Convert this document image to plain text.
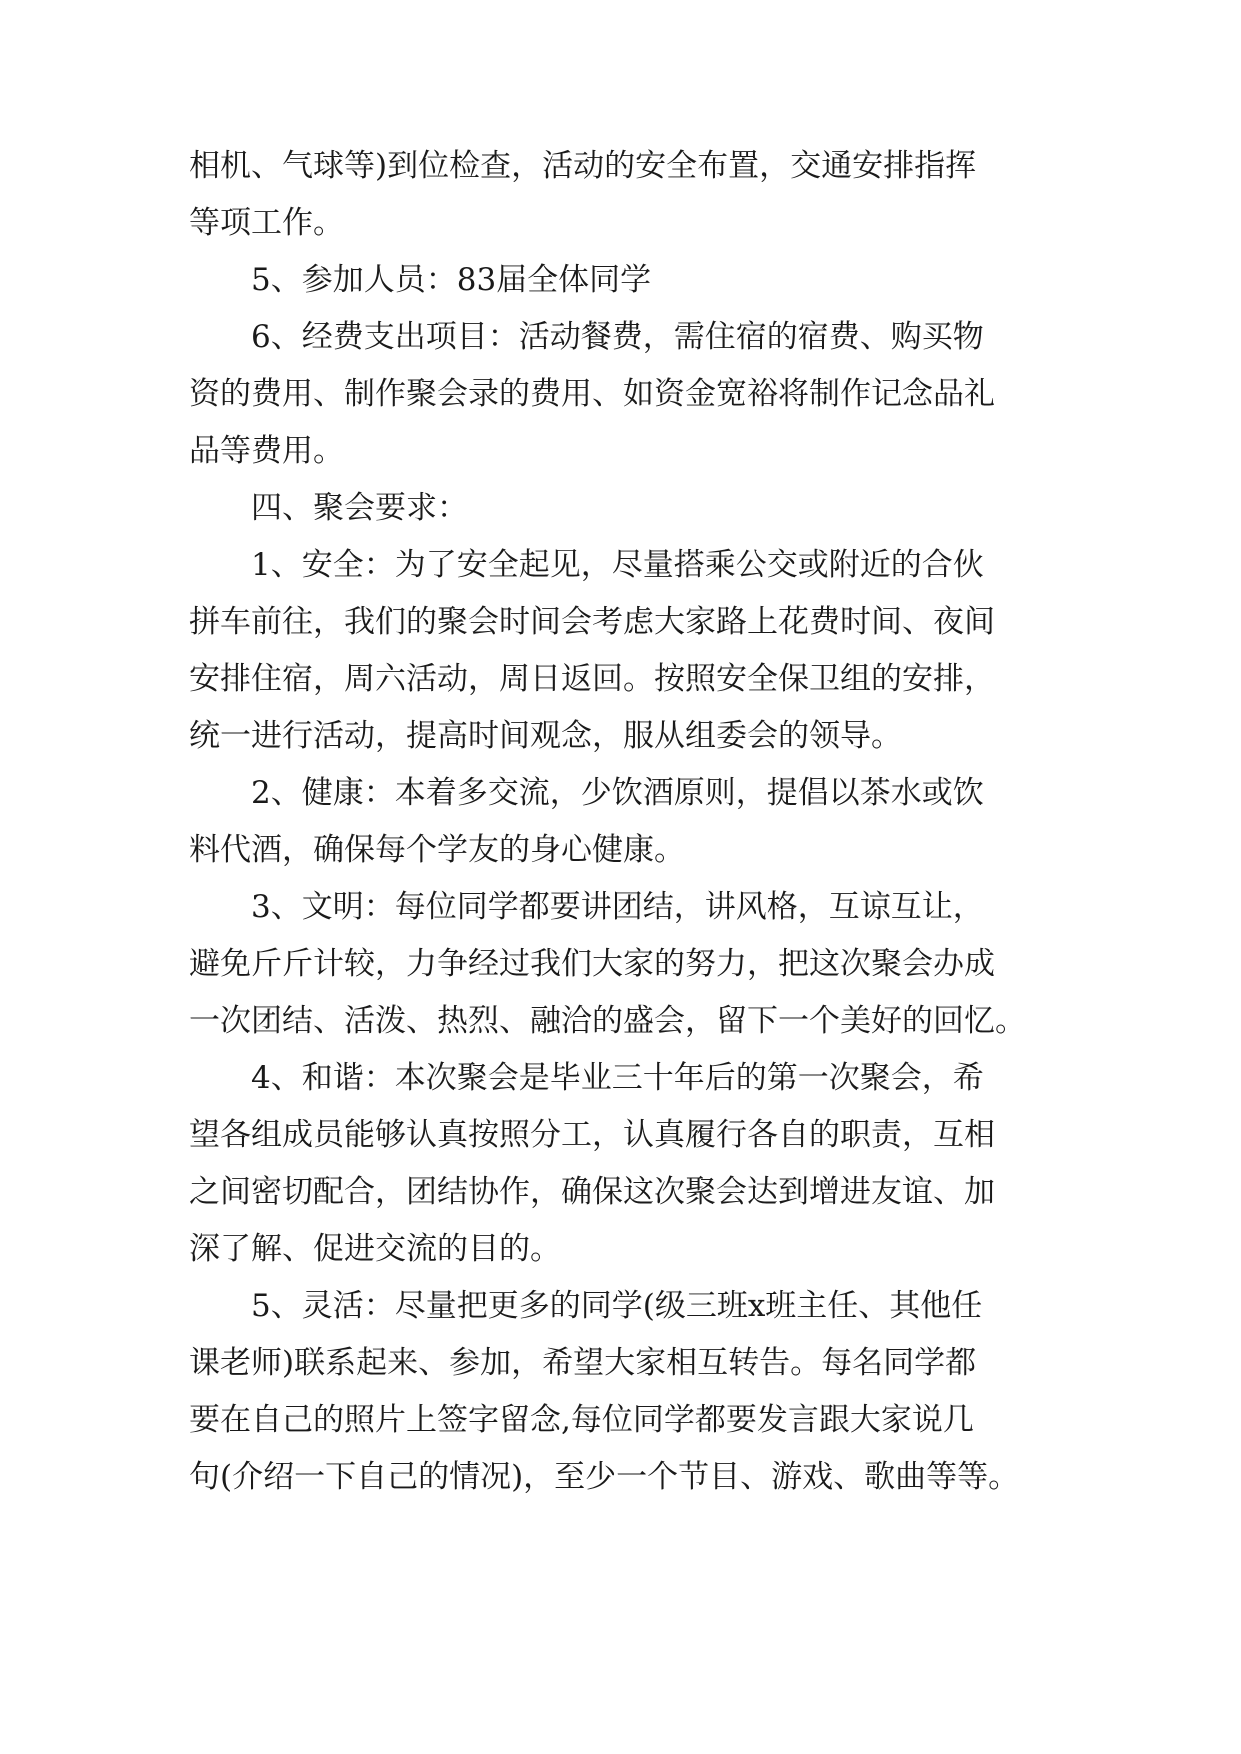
相机、气球等)到位检查，活动的安全布置，交通安排指挥
等项工作。
5、参加人员：83届全体同学
6、经费支出项目：活动餐费，需住宿的宿费、购买物
资的费用、制作聚会录的费用、如资金宽裕将制作记念品礼
品等费用。
四、聚会要求：
1、安全：为了安全起见，尽量搭乘公交或附近的合伙
拼车前往，我们的聚会时间会考虑大家路上花费时间、夜间
安排住宿，周六活动，周日返回。按照安全保卫组的安排，
统一进行活动，提高时间观念，服从组委会的领导。
2、健康：本着多交流，少饮酒原则，提倡以茶水或饮
料代酒，确保每个学友的身心健康。
3、文明：每位同学都要讲团结，讲风格，互谅互让，
避免斤斤计较，力争经过我们大家的努力，把这次聚会办成
一次团结、活泼、热烈、融洽的盛会，留下一个美好的回忆。
4、和谐：本次聚会是毕业三十年后的第一次聚会，希
望各组成员能够认真按照分工，认真履行各自的职责，互相
之间密切配合，团结协作，确保这次聚会达到增进友谊、加
深了解、促进交流的目的。
5、灵活：尽量把更多的同学(级三班x班主任、其他任
课老师)联系起来、参加，希望大家相互转告。每名同学都
要在自己的照片上签字留念,每位同学都要发言跟大家说几
句(介绍一下自己的情况)，至少一个节目、游戏、歌曲等等。
